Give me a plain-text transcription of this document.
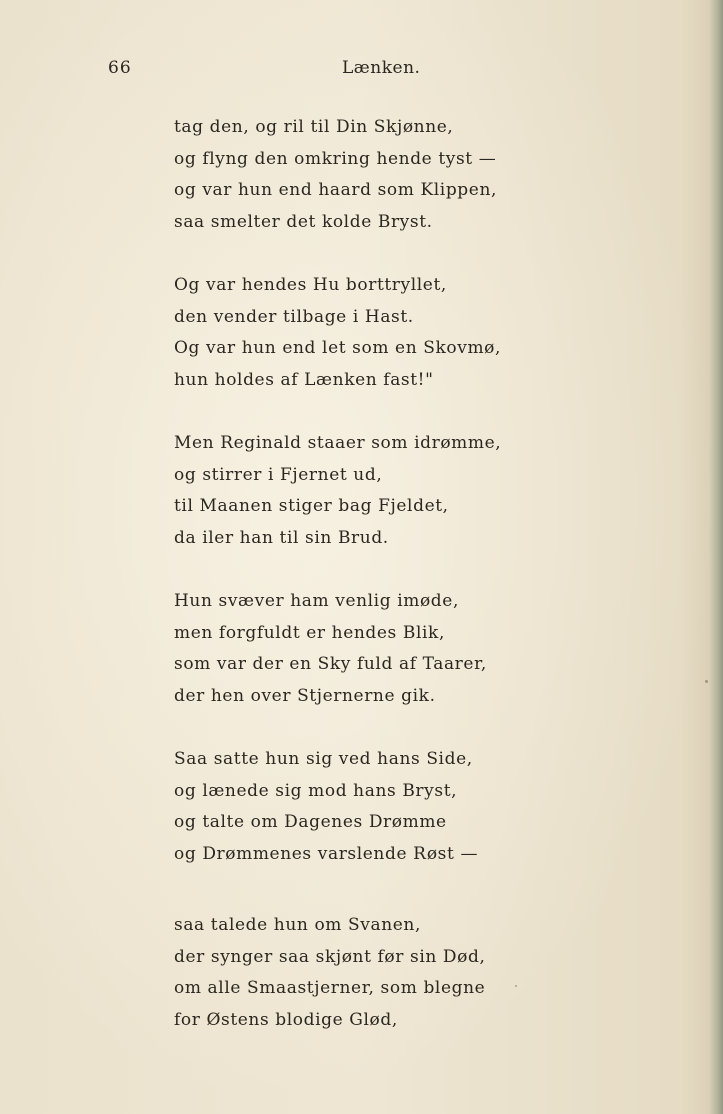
66	Lænken.
tag den, og ril til Din Skjønne,
og flyng den omkring hende tyst —
og var hun end haard som Klippen,
saa smelter det kolde Bryst.
Og var hendes Hu borttryllet,
den vender tilbage i Hast.
Og var hun end let som en Skovmø,
hun holdes af Lænken fast!"
Men Reginald staaer som idrømme,
og stirrer i Fjernet ud,
til Maanen stiger bag Fjeldet,
da iler han til sin Brud.
Hun svæver ham venlig imøde,
men forgfuldt er hendes Blik,
som var der en Sky fuld af Taarer,
der hen over Stjernerne gik.
Saa satte hun sig ved hans Side,
og lænede sig mod hans Bryst,
og talte om Dagenes Drømme
og Drømmenes varslende Røst —
saa talede hun om Svanen,
der synger saa skjønt før sin Død,
om alle Smaastjerner, som blegne
for Østens blodige Glød,
